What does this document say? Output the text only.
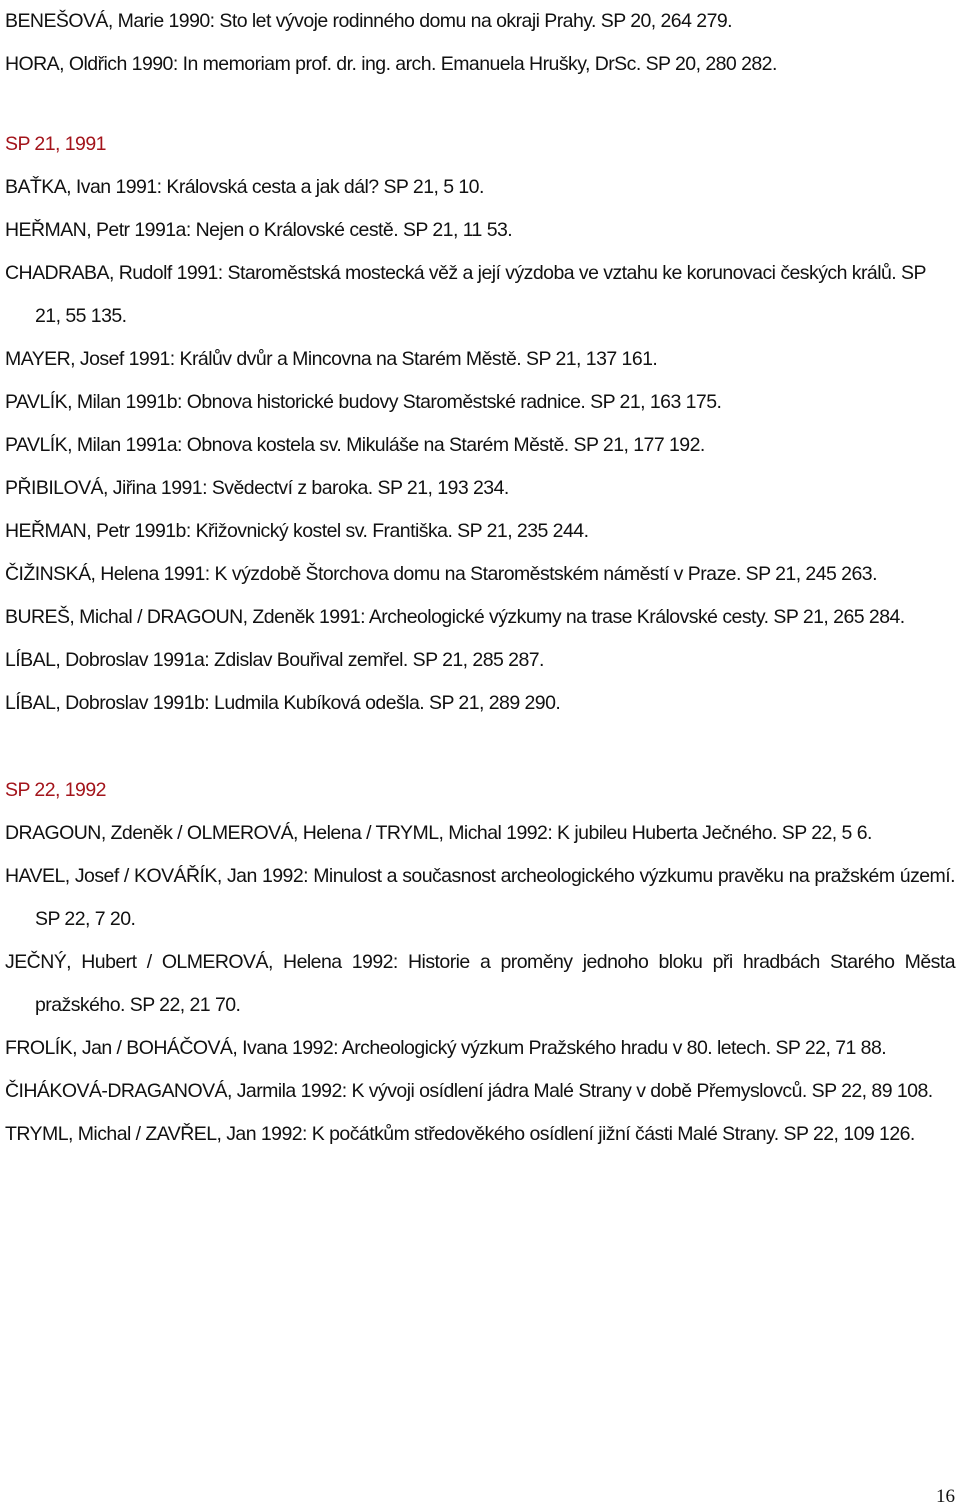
BENEŠOVÁ, Marie 1990: Sto let vývoje rodinného domu na okraji Prahy. SP 20, 264 279.

HORA, Oldřich 1990: In memoriam prof. dr. ing. arch. Emanuela Hrušky, DrSc. SP 20, 280 282.

SP 21, 1991

BAŤKA, Ivan 1991: Královská cesta a jak dál? SP 21, 5 10.

HEŘMAN, Petr 1991a: Nejen o Královské cestě. SP 21, 11 53.

CHADRABA, Rudolf 1991: Staroměstská mostecká věž a její výzdoba ve vztahu ke korunovaci českých králů. SP 21, 55 135.

MAYER, Josef 1991: Králův dvůr a Mincovna na Starém Městě. SP 21, 137 161.

PAVLÍK, Milan 1991b: Obnova historické budovy Staroměstské radnice. SP 21, 163 175.

PAVLÍK, Milan 1991a: Obnova kostela sv. Mikuláše na Starém Městě. SP 21, 177 192.

PŘIBILOVÁ, Jiřina 1991: Svědectví z baroka. SP 21, 193 234.

HEŘMAN, Petr 1991b: Křižovnický kostel sv. Františka. SP 21, 235 244.

ČIŽINSKÁ, Helena 1991: K výzdobě Štorchova domu na Staroměstském náměstí v Praze. SP 21, 245 263.

BUREŠ, Michal / DRAGOUN, Zdeněk 1991: Archeologické výzkumy na trase Královské cesty. SP 21, 265 284.

LÍBAL, Dobroslav 1991a: Zdislav Bouřival zemřel. SP 21, 285 287.

LÍBAL, Dobroslav 1991b: Ludmila Kubíková odešla. SP 21, 289 290.

SP 22, 1992

DRAGOUN, Zdeněk / OLMEROVÁ, Helena / TRYML, Michal 1992: K jubileu Huberta Ječného. SP 22, 5 6.

HAVEL, Josef / KOVÁŘÍK, Jan 1992: Minulost a současnost archeologického výzkumu pravěku na pražském území. SP 22, 7 20.

JEČNÝ, Hubert / OLMEROVÁ, Helena 1992: Historie a proměny jednoho bloku při hradbách Starého Města pražského. SP 22, 21 70.

FROLÍK, Jan / BOHÁČOVÁ, Ivana 1992: Archeologický výzkum Pražského hradu v 80. letech. SP 22, 71 88.

ČIHÁKOVÁ-DRAGANOVÁ, Jarmila 1992: K vývoji osídlení jádra Malé Strany v době Přemyslovců. SP 22, 89 108.

TRYML, Michal / ZAVŘEL, Jan 1992: K počátkům středověkého osídlení jižní části Malé Strany. SP 22, 109 126.

16
